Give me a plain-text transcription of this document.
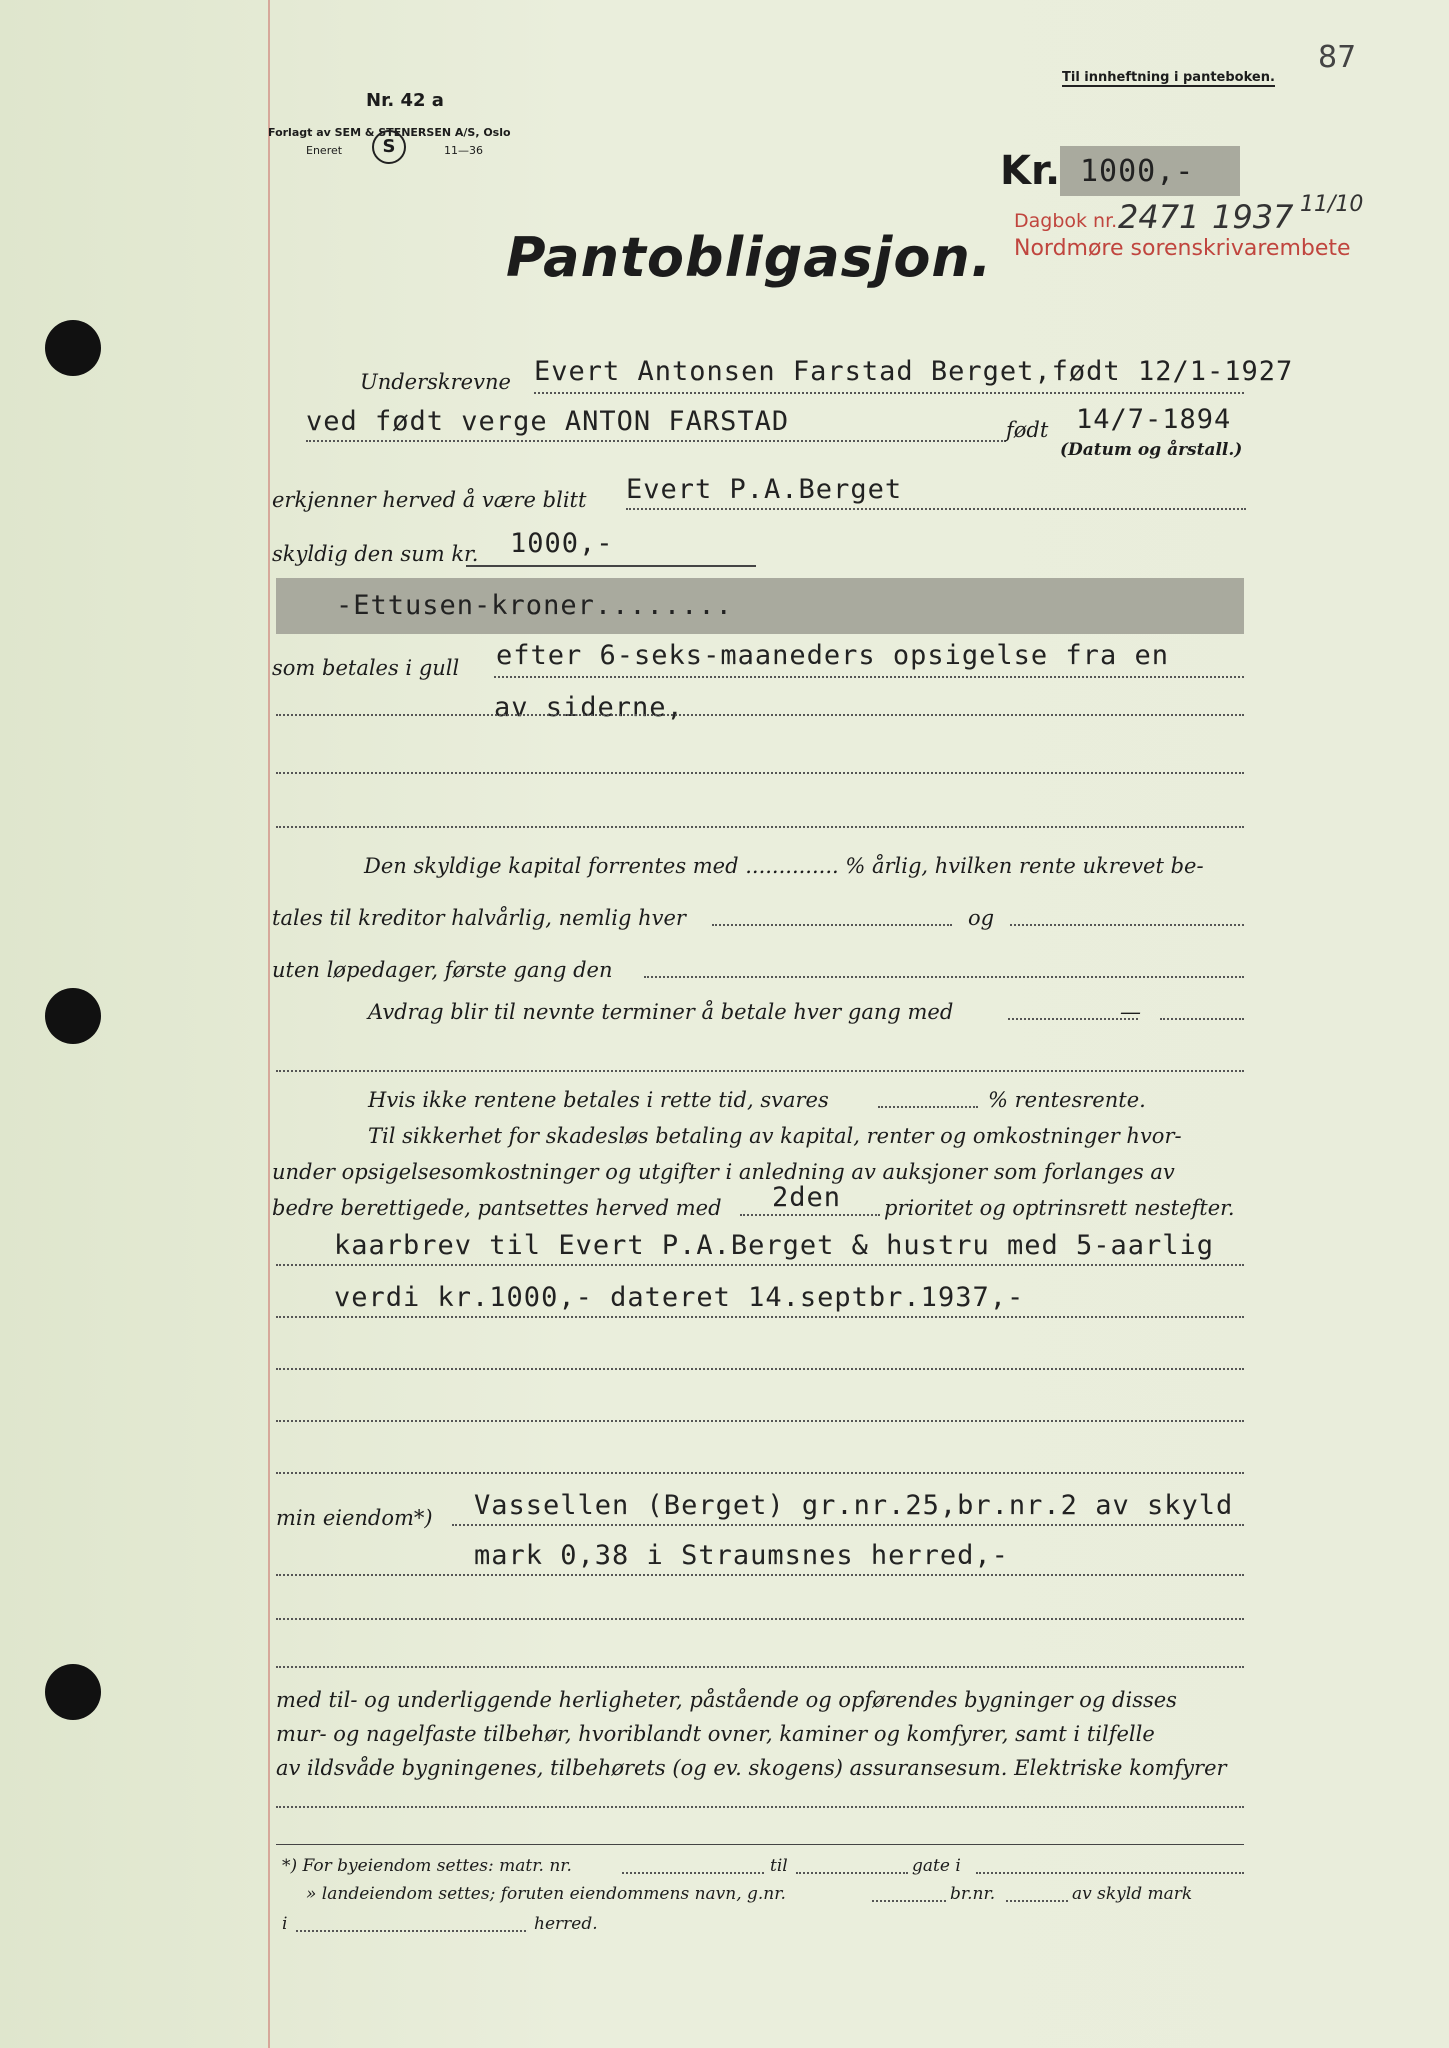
87
Til innheftning i panteboken.
Nr. 42 a
Forlagt av SEM & STENERSEN A/S, Oslo
Eneret	11—36
S
Kr. 1000,-
Dagbok nr. 2471 1937 11/10
Nordmøre sorenskrivarembete
Pantobligasjon.
Underskrevne Evert Antonsen Farstad Berget,født 12/1-1927
ved født verge ANTON FARSTAD	født 14/7-1894
(Datum og årstall.)
erkjenner herved å være blitt Evert P.A.Berget
skyldig den sum kr. 1000,-
-Ettusen-kroner........
som betales i gull efter 6-seks-maaneders opsigelse fra en
av siderne,
Den skyldige kapital forrentes med .............. % årlig, hvilken rente ukrevet be-
tales til kreditor halvårlig, nemlig hver	og
uten løpedager, første gang den
Avdrag blir til nevnte terminer å betale hver gang med	—
Hvis ikke rentene betales i rette tid, svares	% rentesrente.
Til sikkerhet for skadesløs betaling av kapital, renter og omkostninger hvor-
under opsigelsesomkostninger og utgifter i anledning av auksjoner som forlanges av
bedre berettigede, pantsettes herved med 2den prioritet og optrinsrett nestefter.
kaarbrev til Evert P.A.Berget & hustru med 5-aarlig
verdi kr.1000,- dateret 14.septbr.1937,-
min eiendom*) Vassellen (Berget) gr.nr.25,br.nr.2 av skyld
mark 0,38 i Straumsnes herred,-
med til- og underliggende herligheter, påstående og opførendes bygninger og disses
mur- og nagelfaste tilbehør, hvoriblandt ovner, kaminer og komfyrer, samt i tilfelle
av ildsvåde bygningenes, tilbehørets (og ev. skogens) assuransesum. Elektriske komfyrer
*) For byeiendom settes: matr. nr.	til	gate i
» landeiendom settes; foruten eiendommens navn, g.nr.	br.nr.	av skyld mark
i	herred.
